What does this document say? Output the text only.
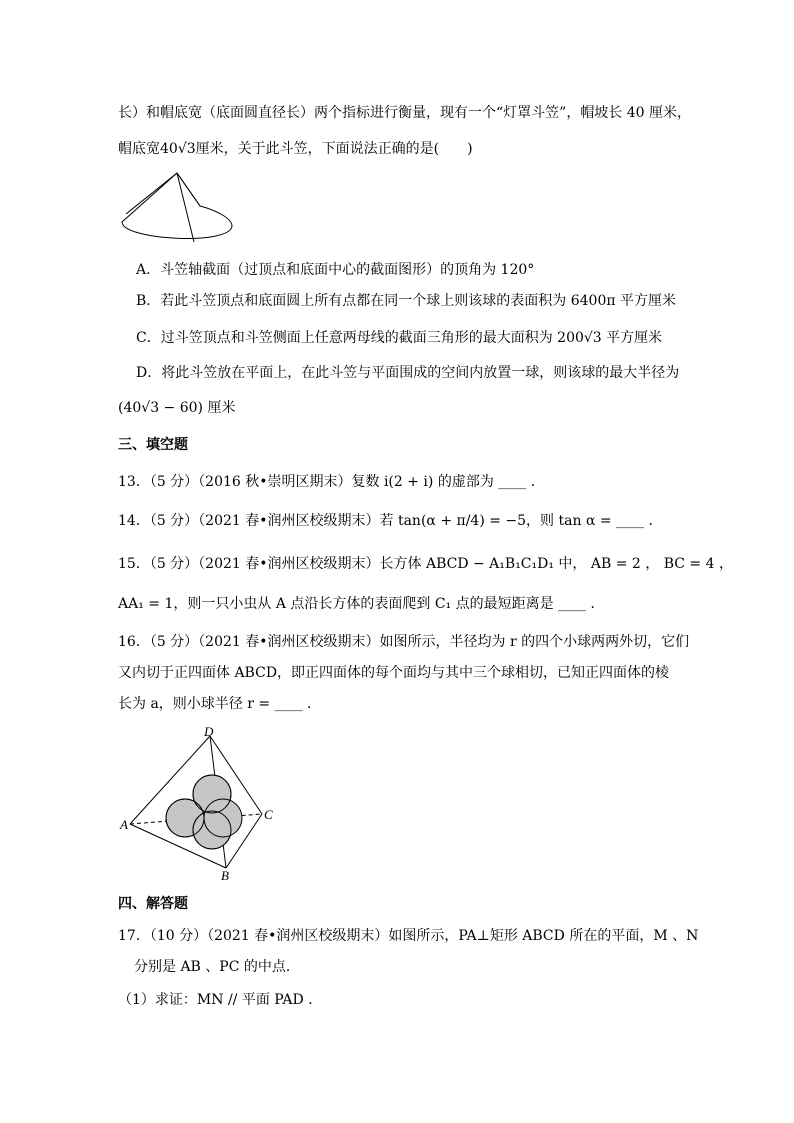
长）和帽底宽（底面圆直径长）两个指标进行衡量，现有一个“灯罩斗笠”，帽坡长 40 厘米，
帽底宽40√3厘米，关于此斗笠，下面说法正确的是(　　)
A．斗笠轴截面（过顶点和底面中心的截面图形）的顶角为 120°
B．若此斗笠顶点和底面圆上所有点都在同一个球上则该球的表面积为 6400π 平方厘米
C．过斗笠顶点和斗笠侧面上任意两母线的截面三角形的最大面积为 200√3 平方厘米
D．将此斗笠放在平面上，在此斗笠与平面围成的空间内放置一球，则该球的最大半径为
(40√3 − 60) 厘米
三、填空题
13．（5 分）（2016 秋•崇明区期末）复数 i(2 + i) 的虚部为 ____ ．
14．（5 分）（2021 春•润州区校级期末）若 tan(α + π/4) = −5，则 tan α = ____ ．
15．（5 分）（2021 春•润州区校级期末）长方体 ABCD − A₁B₁C₁D₁ 中， AB = 2 ， BC = 4 ，
AA₁ = 1，则一只小虫从 A 点沿长方体的表面爬到 C₁ 点的最短距离是 ____ ．
16．（5 分）（2021 春•润州区校级期末）如图所示，半径均为 r 的四个小球两两外切，它们
又内切于正四面体 ABCD，即正四面体的每个面均与其中三个球相切，已知正四面体的棱
长为 a，则小球半径 r = ____ ．
D
A
B
C
四、解答题
17．（10 分）（2021 春•润州区校级期末）如图所示，PA⊥矩形 ABCD 所在的平面，M 、N
分别是 AB 、PC 的中点．
（1）求证：MN // 平面 PAD ．
